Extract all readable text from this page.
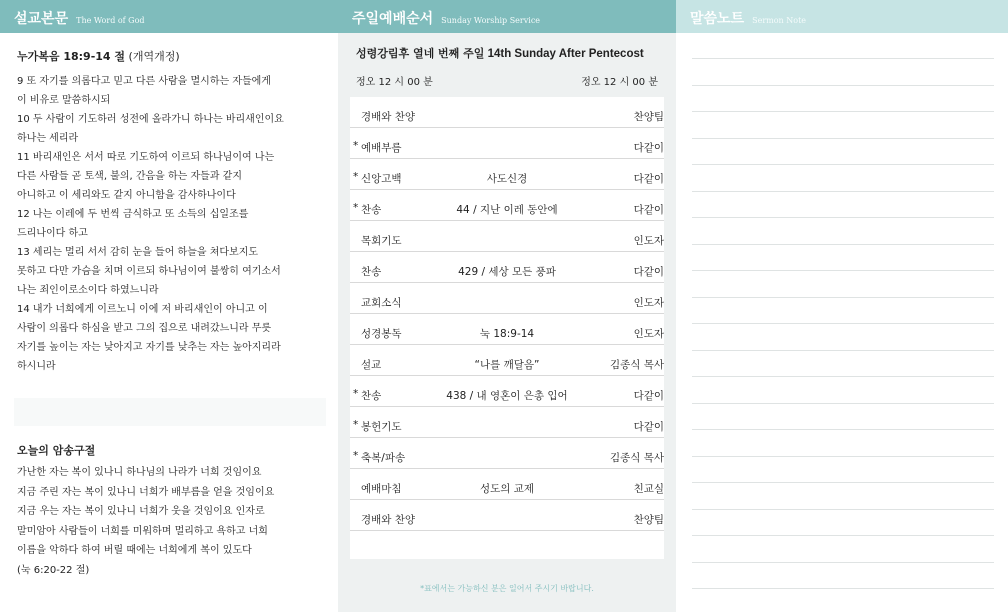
설교본문 The Word of God
누가복음 18:9-14 절 (개역개정)
9 또 자기를 의롭다고 믿고 다른 사람을 멸시하는 자들에게
이 비유로 말씀하시되
10 두 사람이 기도하러 성전에 올라가니 하나는 바리새인이요
하나는 세리라
11 바리새인은 서서 따로 기도하여 이르되 하나님이여 나는
다른 사람들 곧 토색, 불의, 간음을 하는 자들과 같지
아니하고 이 세리와도 같지 아니함을 감사하나이다
12 나는 이레에 두 번씩 금식하고 또 소득의 십일조를
드리나이다 하고
13 세리는 멀리 서서 감히 눈을 들어 하늘을 쳐다보지도
못하고 다만 가슴을 치며 이르되 하나님이여 불쌍히 여기소서
나는 죄인이로소이다 하였느니라
14 내가 너희에게 이르노니 이에 저 바리새인이 아니고 이
사람이 의롭다 하심을 받고 그의 집으로 내려갔느니라 무릇
자기를 높이는 자는 낮아지고 자기를 낮추는 자는 높아지리라
하시니라
오늘의 암송구절

가난한 자는 복이 있나니 하나님의 나라가 너희 것임이요

지금 주린 자는 복이 있나니 너희가 배부름을 얻을 것임이요

지금 우는 자는 복이 있나니 너희가 웃을 것임이요 인자로

말미암아 사람들이 너희를 미워하며 멀리하고 욕하고 너희

이름을 악하다 하여 버릴 때에는 너희에게 복이 있도다

(눅 6:20-22 절)

주일예배순서 Sunday Worship Service
성령강림후 열네 번째 주일 14th Sunday After Pentecost
정오 12 시 00 분	정오 12 시 00 분
경배와 찬양	찬양팀
* 예배부름	다같이
* 신앙고백	사도신경	다같이
* 찬송	44 / 지난 이레 동안에	다같이
목회기도	인도자
찬송	429 / 세상 모든 풍파	다같이
교회소식	인도자
성경봉독	눅 18:9-14	인도자
설교	“나를 깨달음”	김종식 목사
* 찬송	438 / 내 영혼이 은총 입어	다같이
* 봉헌기도	다같이
* 축복/파송	김종식 목사
예배마침	성도의 교제	친교실
경배와 찬양	찬양팀
*표에서는 가능하신 분은 일어서 주시기 바랍니다.
말씀노트 Sermon Note
